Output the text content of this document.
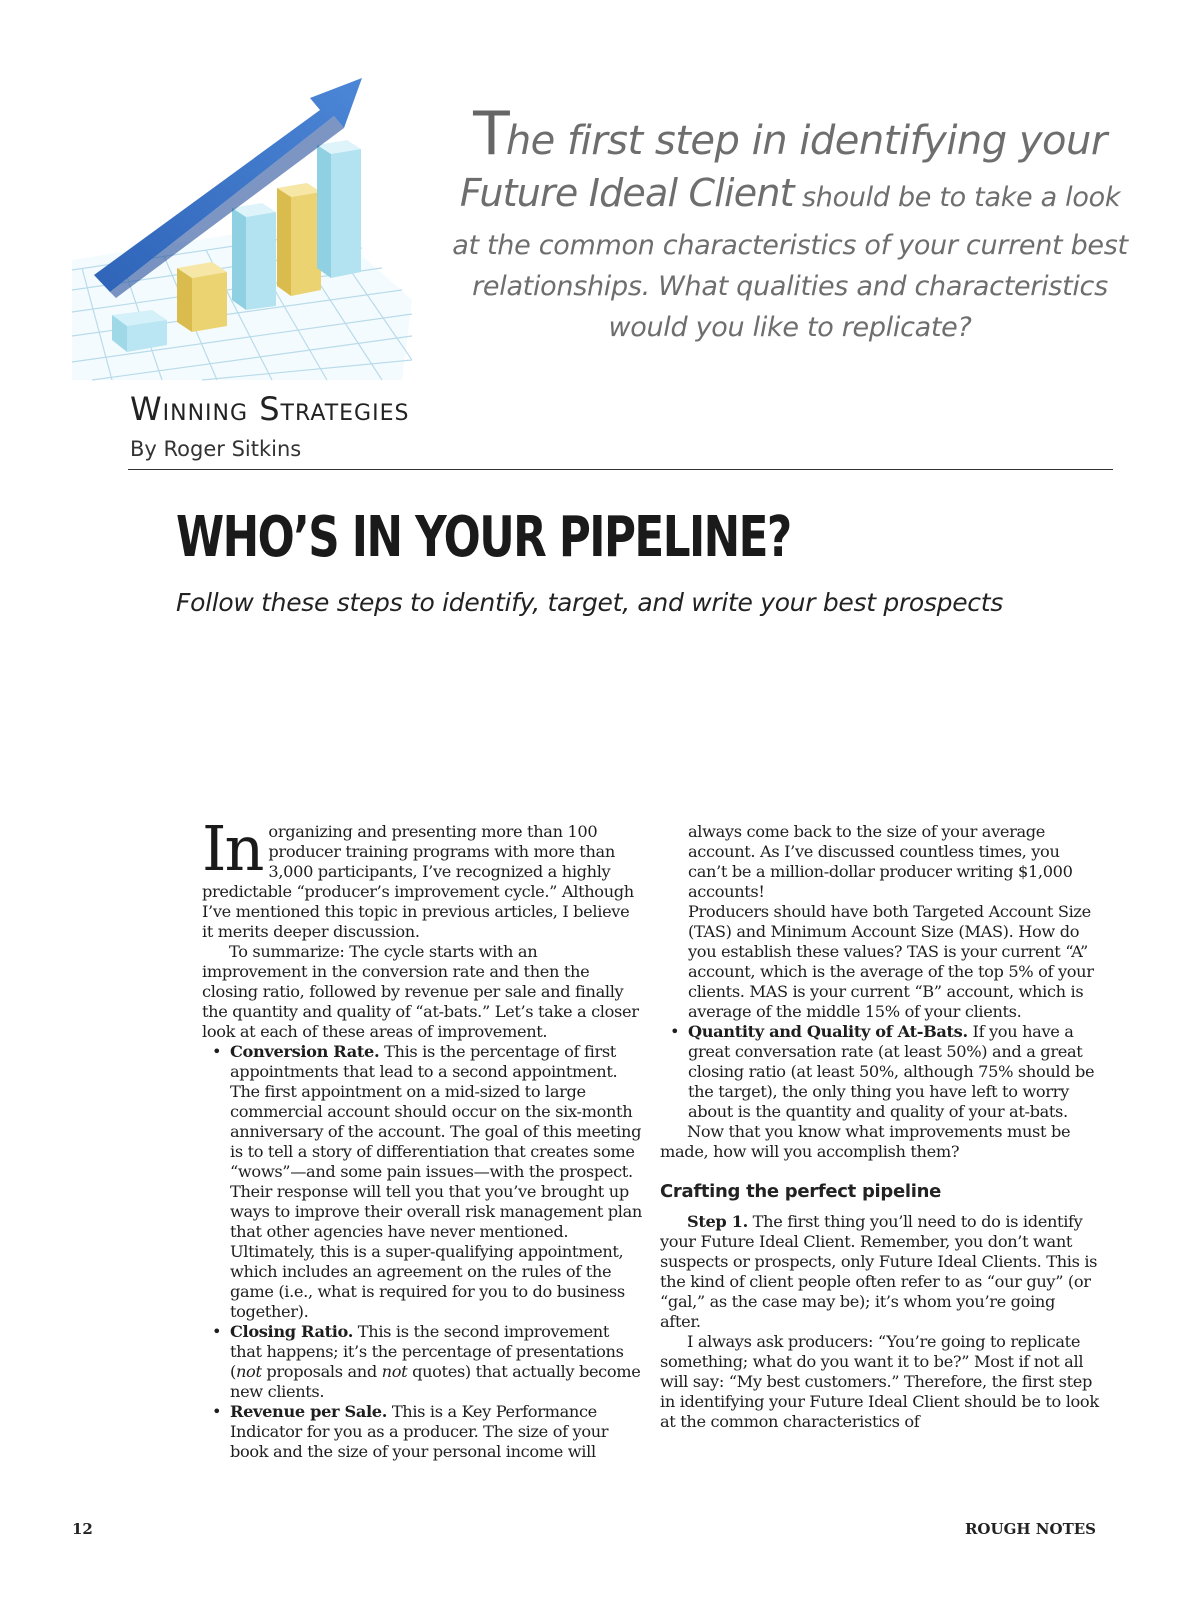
The first step in identifying your
Future Ideal Client should be to take a look
at the common characteristics of your current best
relationships. What qualities and characteristics
would you like to replicate?
Winning Strategies
By Roger Sitkins
WHO’S IN YOUR PIPELINE?
Follow these steps to identify, target, and write your best prospects

In organizing and presenting more than 100 producer training programs with more than 3,000 participants, I’ve recognized a highly predictable “producer’s improvement cycle.” Although I’ve mentioned this topic in previous articles, I believe it merits deeper discussion.

To summarize: The cycle starts with an improvement in the conversion rate and then the closing ratio, followed by revenue per sale and finally the quantity and quality of “at-bats.” Let’s take a closer look at each of these areas of improvement.

• Conversion Rate. This is the percentage of first appointments that lead to a second appointment. The first appointment on a mid-sized to large commercial account should occur on the six-month anniversary of the account. The goal of this meeting is to tell a story of differentiation that creates some “wows”—and some pain issues—with the prospect. Their response will tell you that you’ve brought up ways to improve their overall risk management plan that other agencies have never mentioned. Ultimately, this is a super-qualifying appointment, which includes an agreement on the rules of the game (i.e., what is required for you to do business together).
• Closing Ratio. This is the second improvement that happens; it’s the percentage of presentations (not proposals and not quotes) that actually become new clients.
• Revenue per Sale. This is a Key Performance Indicator for you as a producer. The size of your book and the size of your personal income will

always come back to the size of your average account. As I’ve discussed countless times, you can’t be a million-dollar producer writing $1,000 accounts!

Producers should have both Targeted Account Size (TAS) and Minimum Account Size (MAS). How do you establish these values? TAS is your current “A” account, which is the average of the top 5% of your clients. MAS is your current “B” account, which is average of the middle 15% of your clients.

• Quantity and Quality of At-Bats. If you have a great conversation rate (at least 50%) and a great closing ratio (at least 50%, although 75% should be the target), the only thing you have left to worry about is the quantity and quality of your at-bats.

Now that you know what improvements must be made, how will you accomplish them?

Crafting the perfect pipeline

Step 1. The first thing you’ll need to do is identify your Future Ideal Client. Remember, you don’t want suspects or prospects, only Future Ideal Clients. This is the kind of client people often refer to as “our guy” (or “gal,” as the case may be); it’s whom you’re going after.

I always ask producers: “You’re going to replicate something; what do you want it to be?” Most if not all will say: “My best customers.” Therefore, the first step in identifying your Future Ideal Client should be to look at the common characteristics of

12	ROUGH NOTES
